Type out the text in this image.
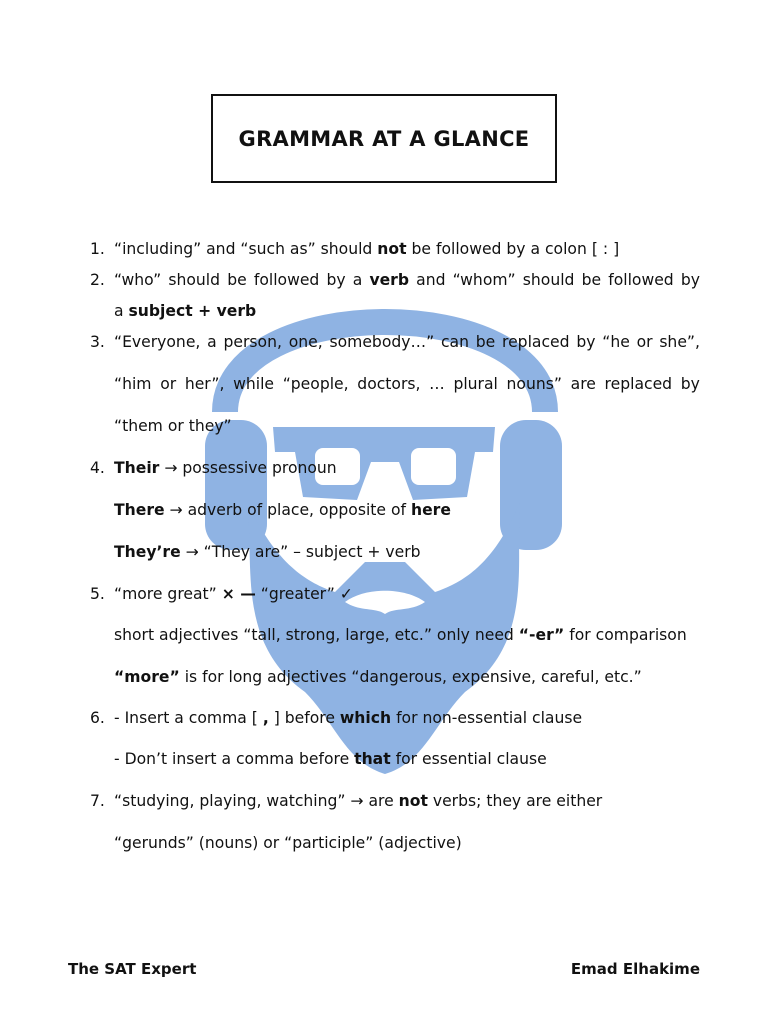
GRAMMAR AT A GLANCE
1. “including” and “such as” should not be followed by a colon [ : ]
2. “who” should be followed by a verb and “whom” should be followed by
a subject + verb
3. “Everyone, a person, one, somebody…” can be replaced by “he or she”,
“him or her”, while “people, doctors, … plural nouns” are replaced by
“them or they”
4. Their → possessive pronoun
There → adverb of place, opposite of here
They’re → “They are” – subject + verb
5. “more great” × — “greater” ✓
short adjectives “tall, strong, large, etc.” only need “-er” for comparison
“more” is for long adjectives “dangerous, expensive, careful, etc.”
6. - Insert a comma [ , ] before which for non-essential clause
- Don’t insert a comma before that for essential clause
7. “studying, playing, watching” → are not verbs; they are either
“gerunds” (nouns) or “participle” (adjective)
The SAT Expert	Emad Elhakime
